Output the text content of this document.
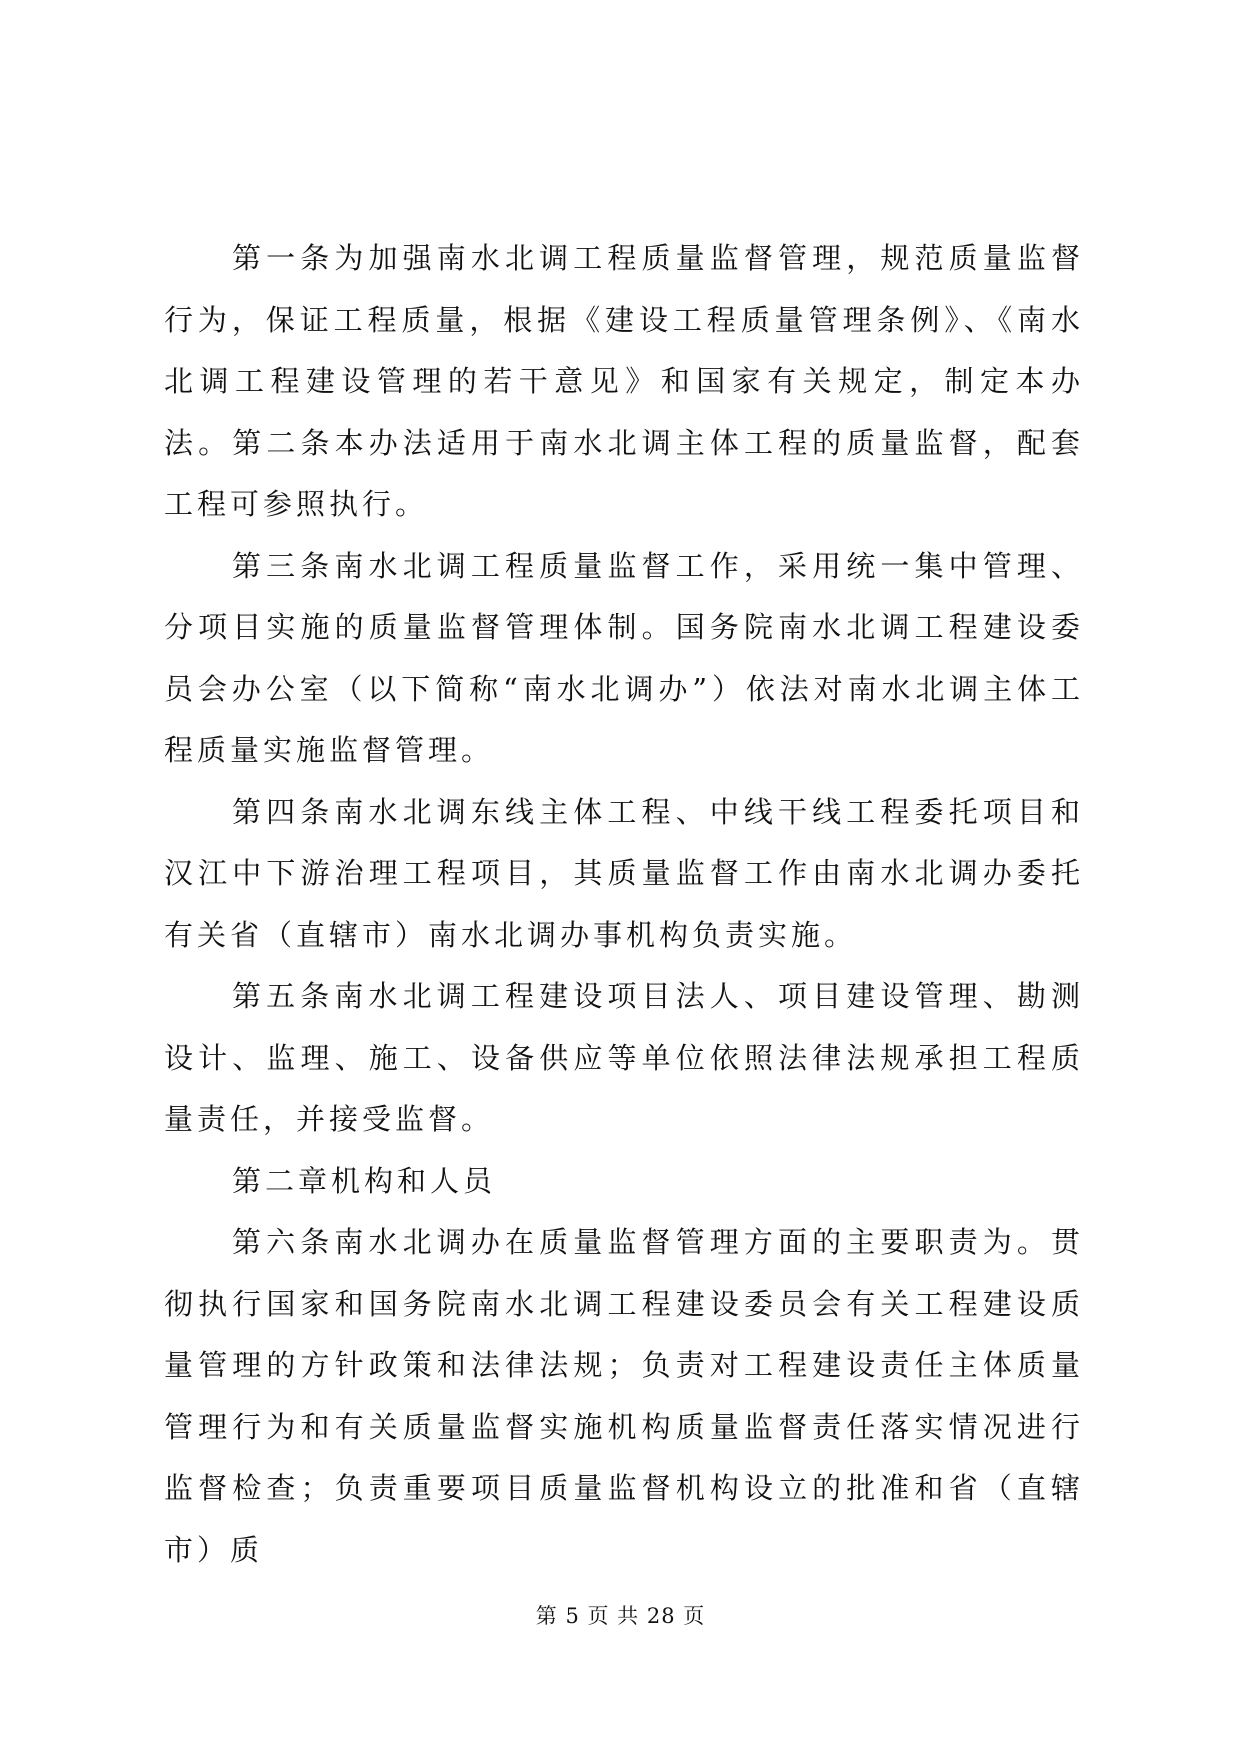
第一条为加强南水北调工程质量监督管理，规范质量监督行为，保证工程质量，根据《建设工程质量管理条例》、《南水北调工程建设管理的若干意见》和国家有关规定，制定本办法。第二条本办法适用于南水北调主体工程的质量监督，配套工程可参照执行。

第三条南水北调工程质量监督工作，采用统一集中管理、分项目实施的质量监督管理体制。国务院南水北调工程建设委员会办公室（以下简称“南水北调办”）依法对南水北调主体工程质量实施监督管理。

第四条南水北调东线主体工程、中线干线工程委托项目和汉江中下游治理工程项目，其质量监督工作由南水北调办委托有关省（直辖市）南水北调办事机构负责实施。

第五条南水北调工程建设项目法人、项目建设管理、勘测设计、监理、施工、设备供应等单位依照法律法规承担工程质量责任，并接受监督。

第二章机构和人员

第六条南水北调办在质量监督管理方面的主要职责为。贯彻执行国家和国务院南水北调工程建设委员会有关工程建设质量管理的方针政策和法律法规；负责对工程建设责任主体质量管理行为和有关质量监督实施机构质量监督责任落实情况进行监督检查；负责重要项目质量监督机构设立的批准和省（直辖市）质

第 5 页 共 28 页
